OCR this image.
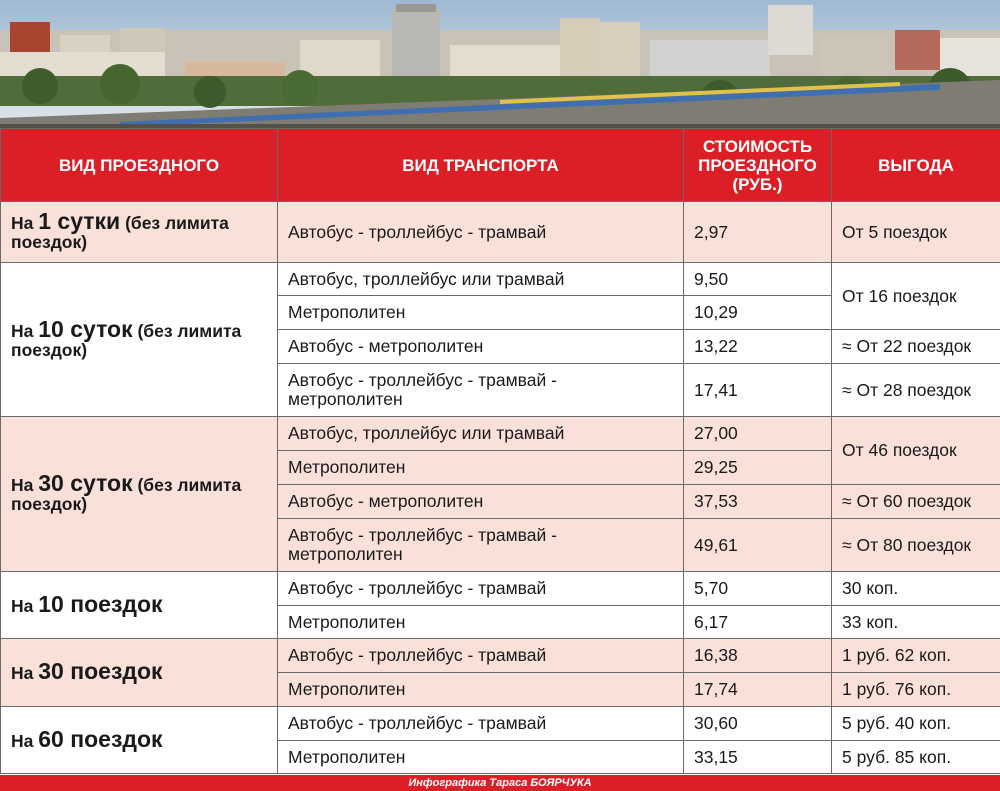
ВИД ПРОЕЗДНОГО	ВИД ТРАНСПОРТА	СТОИМОСТЬ ПРОЕЗДНОГО (РУБ.)	ВЫГОДА
На 1 сутки (без лимита поездок)	Автобус - троллейбус - трамвай	2,97	От 5 поездок
На 10 суток (без лимита поездок)	Автобус, троллейбус или трамвай	9,50	От 16 поездок
	Метрополитен	10,29	
	Автобус - метрополитен	13,22	≈ От 22 поездок
	Автобус - троллейбус - трамвай - метрополитен	17,41	≈ От 28 поездок
На 30 суток (без лимита поездок)	Автобус, троллейбус или трамвай	27,00	От 46 поездок
	Метрополитен	29,25	
	Автобус - метрополитен	37,53	≈ От 60 поездок
	Автобус - троллейбус - трамвай - метрополитен	49,61	≈ От 80 поездок
На 10 поездок	Автобус - троллейбус - трамвай	5,70	30 коп.
	Метрополитен	6,17	33 коп.
На 30 поездок	Автобус - троллейбус - трамвай	16,38	1 руб. 62 коп.
	Метрополитен	17,74	1 руб. 76 коп.
На 60 поездок	Автобус - троллейбус - трамвай	30,60	5 руб. 40 коп.
	Метрополитен	33,15	5 руб. 85 коп.
Инфографика Тараса БОЯРЧУКА
